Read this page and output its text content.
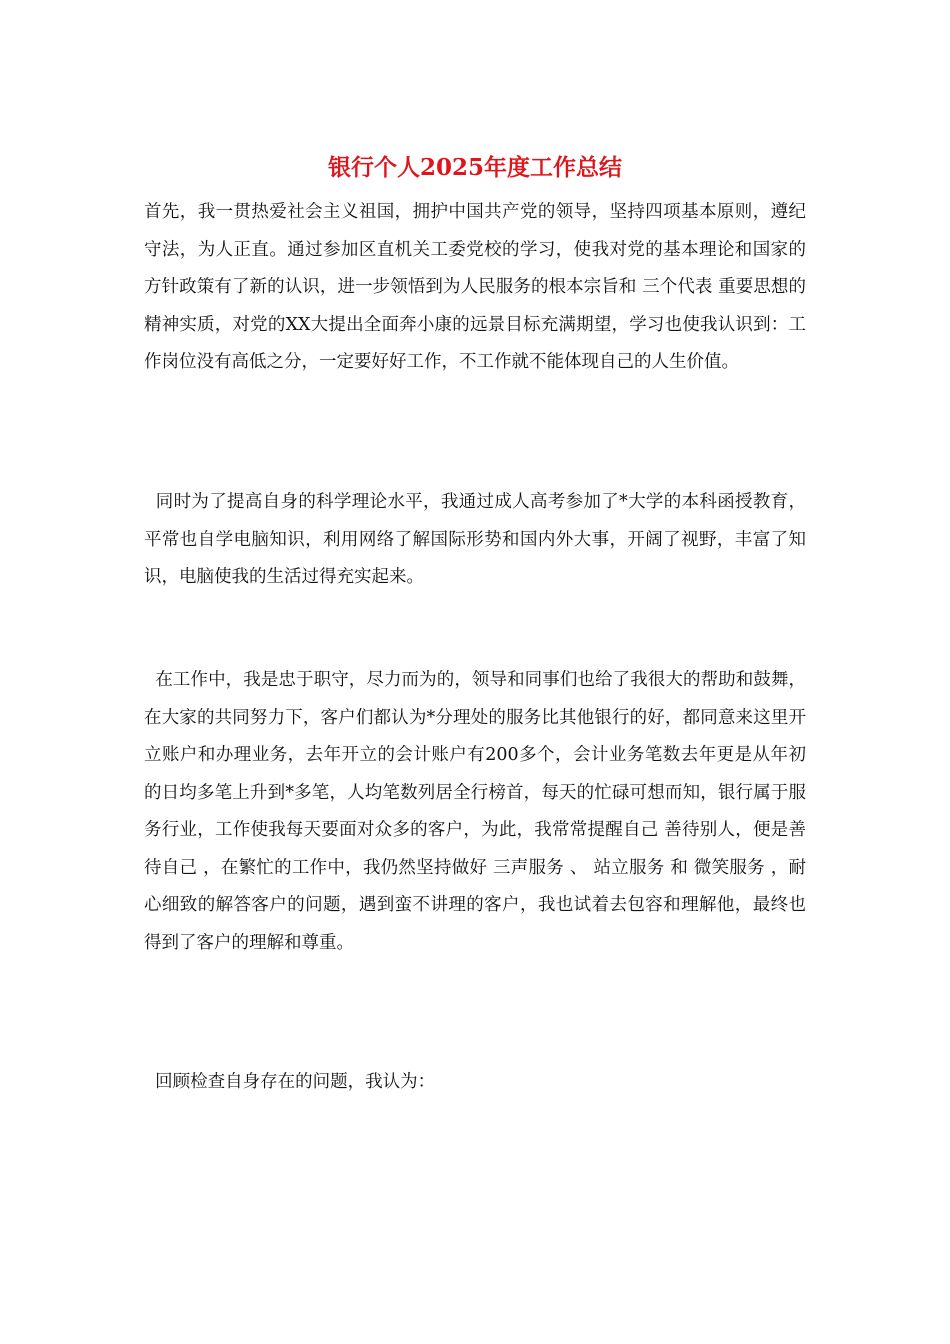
银行个人2025年度工作总结

首先，我一贯热爱社会主义祖国，拥护中国共产党的领导，坚持四项基本原则，遵纪守法，为人正直。通过参加区直机关工委党校的学习，使我对党的基本理论和国家的方针政策有了新的认识，进一步领悟到为人民服务的根本宗旨和 三个代表 重要思想的精神实质，对党的XX大提出全面奔小康的远景目标充满期望，学习也使我认识到：工作岗位没有高低之分，一定要好好工作，不工作就不能体现自己的人生价值。

同时为了提高自身的科学理论水平，我通过成人高考参加了*大学的本科函授教育，平常也自学电脑知识，利用网络了解国际形势和国内外大事，开阔了视野，丰富了知识，电脑使我的生活过得充实起来。

在工作中，我是忠于职守，尽力而为的，领导和同事们也给了我很大的帮助和鼓舞，在大家的共同努力下，客户们都认为*分理处的服务比其他银行的好，都同意来这里开立账户和办理业务，去年开立的会计账户有200多个，会计业务笔数去年更是从年初的日均多笔上升到*多笔，人均笔数列居全行榜首，每天的忙碌可想而知，银行属于服务行业，工作使我每天要面对众多的客户，为此，我常常提醒自己 善待别人，便是善待自己 ，在繁忙的工作中，我仍然坚持做好 三声服务 、 站立服务 和 微笑服务 ，耐心细致的解答客户的问题，遇到蛮不讲理的客户，我也试着去包容和理解他，最终也得到了客户的理解和尊重。

回顾检查自身存在的问题，我认为：
